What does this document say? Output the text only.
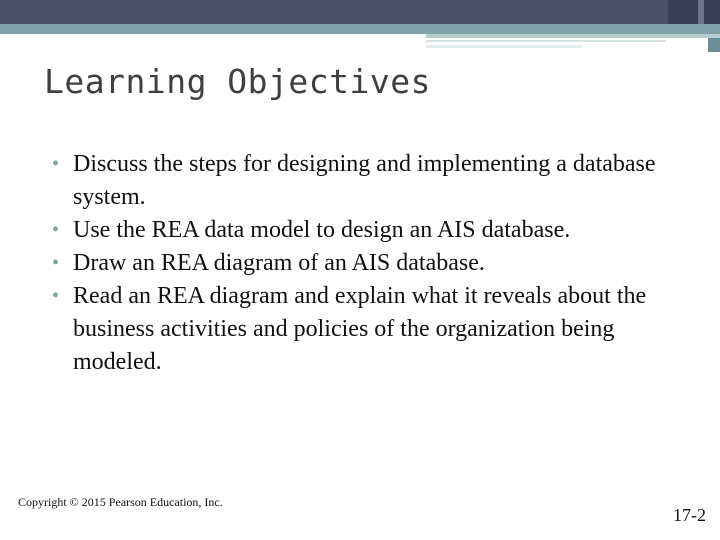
Learning Objectives
• Discuss the steps for designing and implementing a database system.
• Use the REA data model to design an AIS database.
• Draw an REA diagram of an AIS database.
• Read an REA diagram and explain what it reveals about the business activities and policies of the organization being modeled.
Copyright © 2015 Pearson Education, Inc.
17-2
